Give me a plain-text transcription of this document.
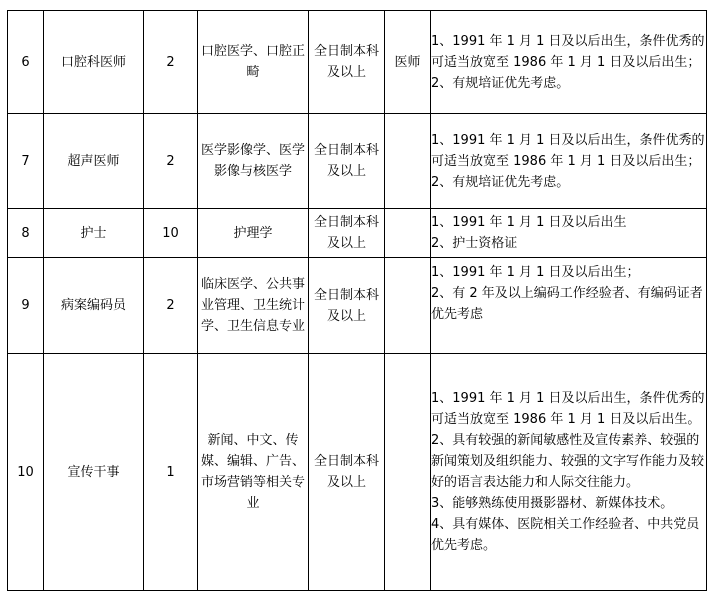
6	口腔科医师	2	口腔医学、口腔正畸	全日制本科及以上	医师	1、1991 年 1 月 1 日及以后出生，条件优秀的可适当放宽至 1986 年 1 月 1 日及以后出生；
2、有规培证优先考虑。

7	超声医师	2	医学影像学、医学影像与核医学	全日制本科及以上		1、1991 年 1 月 1 日及以后出生，条件优秀的可适当放宽至 1986 年 1 月 1 日及以后出生；
2、有规培证优先考虑。

8	护士	10	护理学	全日制本科及以上		1、1991 年 1 月 1 日及以后出生
2、护士资格证

9	病案编码员	2	临床医学、公共事业管理、卫生统计学、卫生信息专业	全日制本科及以上		1、1991 年 1 月 1 日及以后出生；
2、有 2 年及以上编码工作经验者、有编码证者优先考虑

10	宣传干事	1	新闻、中文、传媒、编辑、广告、市场营销等相关专业	全日制本科及以上		1、1991 年 1 月 1 日及以后出生，条件优秀的可适当放宽至 1986 年 1 月 1 日及以后出生。
2、具有较强的新闻敏感性及宣传素养、较强的新闻策划及组织能力、较强的文字写作能力及较好的语言表达能力和人际交往能力。
3、能够熟练使用摄影器材、新媒体技术。
4、具有媒体、医院相关工作经验者、中共党员优先考虑。
